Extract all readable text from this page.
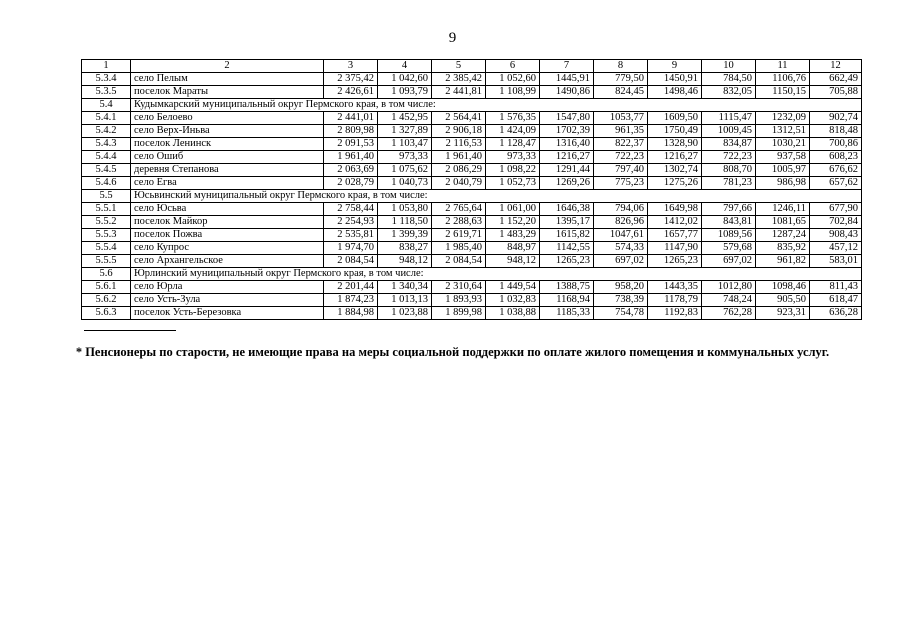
9
1	2	3	4	5	6	7	8	9	10	11	12
5.3.4	село Пелым	2 375,42	1 042,60	2 385,42	1 052,60	1445,91	779,50	1450,91	784,50	1106,76	662,49
5.3.5	поселок Мараты	2 426,61	1 093,79	2 441,81	1 108,99	1490,86	824,45	1498,46	832,05	1150,15	705,88
5.4	Кудымкарский муниципальный округ Пермского края, в том числе:										
5.4.1	село Белоево	2 441,01	1 452,95	2 564,41	1 576,35	1547,80	1053,77	1609,50	1115,47	1232,09	902,74
5.4.2	село Верх-Иньва	2 809,98	1 327,89	2 906,18	1 424,09	1702,39	961,35	1750,49	1009,45	1312,51	818,48
5.4.3	поселок Ленинск	2 091,53	1 103,47	2 116,53	1 128,47	1316,40	822,37	1328,90	834,87	1030,21	700,86
5.4.4	село Ошиб	1 961,40	973,33	1 961,40	973,33	1216,27	722,23	1216,27	722,23	937,58	608,23
5.4.5	деревня Степанова	2 063,69	1 075,62	2 086,29	1 098,22	1291,44	797,40	1302,74	808,70	1005,97	676,62
5.4.6	село Егва	2 028,79	1 040,73	2 040,79	1 052,73	1269,26	775,23	1275,26	781,23	986,98	657,62
5.5	Юсьвинский муниципальный округ Пермского края, в том числе:										
5.5.1	село Юсьва	2 758,44	1 053,80	2 765,64	1 061,00	1646,38	794,06	1649,98	797,66	1246,11	677,90
5.5.2	поселок Майкор	2 254,93	1 118,50	2 288,63	1 152,20	1395,17	826,96	1412,02	843,81	1081,65	702,84
5.5.3	поселок Пожва	2 535,81	1 399,39	2 619,71	1 483,29	1615,82	1047,61	1657,77	1089,56	1287,24	908,43
5.5.4	село Купрос	1 974,70	838,27	1 985,40	848,97	1142,55	574,33	1147,90	579,68	835,92	457,12
5.5.5	село Архангельское	2 084,54	948,12	2 084,54	948,12	1265,23	697,02	1265,23	697,02	961,82	583,01
5.6	Юрлинский муниципальный округ Пермского края, в том числе:										
5.6.1	село Юрла	2 201,44	1 340,34	2 310,64	1 449,54	1388,75	958,20	1443,35	1012,80	1098,46	811,43
5.6.2	село Усть-Зула	1 874,23	1 013,13	1 893,93	1 032,83	1168,94	738,39	1178,79	748,24	905,50	618,47
5.6.3	поселок Усть-Березовка	1 884,98	1 023,88	1 899,98	1 038,88	1185,33	754,78	1192,83	762,28	923,31	636,28
* Пенсионеры по старости, не имеющие права на меры социальной поддержки по оплате жилого помещения и коммунальных услуг.
